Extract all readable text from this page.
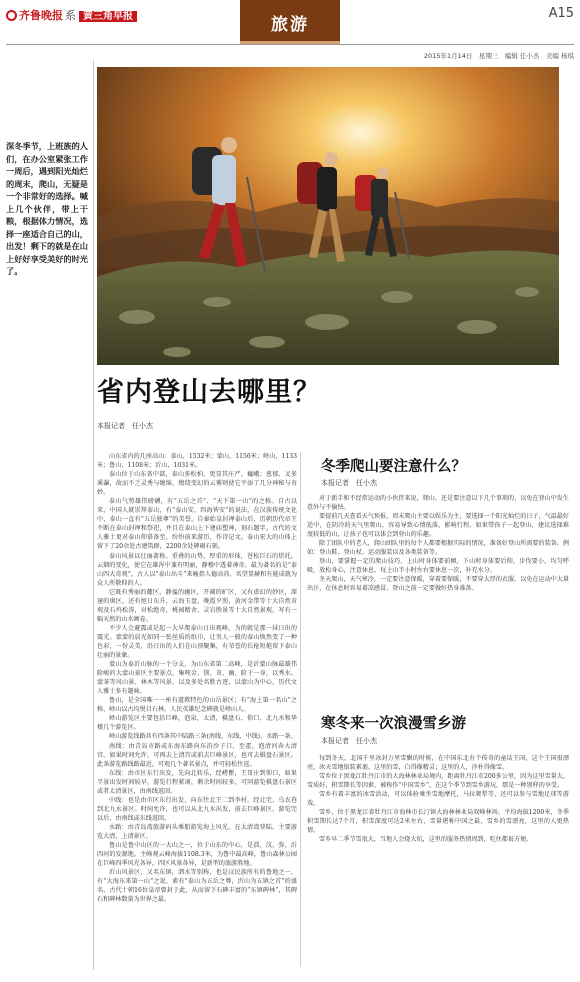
齐鲁晚报 系 黄三角早报	旅游
A15
2015年1月14日　星期三　编辑 任小杰　美编 杨琪
深冬季节，上班族的人们，在办公室紧张工作一周后，遇到阳光灿烂的周末，爬山，无疑是一个非常好的选择。喊上几个伙伴，带上干粮，根据体力情况，选择一座适合自己的山，出发！剩下的就是在山上好好享受美好的时光了。
省内登山去哪里？
本报记者　任小杰

山东省内的几座高山：泰山，1532米；蒙山，1156米；峄山，1133米；鲁山，1108米；沂山，1031米。

泰山位于山东省中部，泰山多松柏，更显其庄严、巍峨；葱郁、叉多溪瀑，故而不乏灵秀与缠绵，缭绕变幻的云雾则使它平添了几分神秘与奇妙。

泰山气势雄伟磅礴，有“五岳之首”、“天下第一山”的之称。自古以来，中国人就崇拜泰山，有“泰山安，四海皆安”的说法，在汉族传统文化中，泰山一直有“五岳独尊”的美誉。自秦始皇封禅泰山后，历朝历代帝王不断在泰山封禅和祭祀，并且在泰山上下建庙塑神，刻石题字。古代的文人雅士更对泰山仰慕备至，纷纷前来游历，作诗记文。泰山宏大的山体上留下了20余处古建筑群，2200余处碑碣石刻。

泰山风景以壮丽著称。重叠的山势，厚重的形体，苍松巨石的烘托，云烟的变化，使它在雄浑中兼有明丽，静穆中透着神奇。最为著名的是“泰山四大奇观”，古人以“泰山出斗”来喻指人德高尚、名望显赫和有能成就为众人所敬仰的人。

它既有秀丽的麓区，静谧的幽区，开阔的旷区，又有虚幻的妙区，深邃的奥区，还有旭日东升，云海玉盘，晚霞夕照，黄河金带等十大自然奇观及石坞松涛，对松绝奇，桃园精舍，灵岩胜景等十大自然景观，写有一幅天然的山水画卷。

不少人会避震或是起一大早爬泰山日出观峰，为的就是那一抹日出的震光。蒙蒙的晨光如同一张丝质的纸巾，让男人一般的泰山焕然变了一种色彩，一份灵美，沿日出的人们在山顶聚集，有荣誉的长枪短炮留下泰山壮丽的景象。

蒙山为泰沂山脉的一个分支，为山东省第二高峰，是沂蒙山脉最雄伟险峻的大蒙山景区主要景点，集吨金、锁、奇、幽、险于一身，以秀水、蒙茶等风山景、林木等风景，以及多处名胜古迹、以蒙山为中心，历代文人雅士多有题咏。

鲁山，是全国唯一一座有道教特色的山岳景区；有“海上第一名山”之称，峄山以古均悦目石林，人民英雄纪念碑就是峄山人。

峄山游览区主要包括巨峰，泡泉，太清，棋盘石、仰口、北九水和华楼几个游览区。

峄山游览线路共有四条其中陆路三条(南线、东线、中线)、水路一条。

南线：由青岛市路或东海东路向东沿沙子口，至霍，泡清河奔大清宫。如果时间允许，可再去上清宫或前去巨峰景区，也可去棋盘石景区。此条游览路线路最近，可观几个著名景点，并可轻松往返。

东线：由市区东行出发，先向北转乐，经崂瞿，王哥庄到仰口，如果半景出发时间较早，游览行程紧凑，剩余时间较多，可同游览棋盘石景区或者太清景区，由南线返回。

中线：也是由市区东行出发，向东往北王二到李村，经北宅、乌衣巷到北九水景区。时间允许，也可以从北九水出发，前去巨峰景区，游览完以后，由南线或东线返回。

水路：由青岛湾旅游码头乘船游览海上风光，在太清湾登陆，主要游览大清、上清景区。

鲁山是鲁中山区的一大山之一，位于山东的中心，是淄、汶、弥、沂四河的发源地。主峰观云峰海拔1108.3米，为鲁中最高峰，鲁山森林公园在巨峰四季风光各异，四区风景各异，是新型的旅游胜地。

沂山风景区，又名东镇，泗水等别称，也是汉民族所有的鲁地之一，有“大海东来第一山”之说，素有“泰山为五岳之尊，沂山为五镇之首”的盛名，古代十朝16位皇帝曾封于此，从而留下石碑丰富的“东镇碑林”，其碑石和碑林数量为世界之最。

冬季爬山要注意什么？
本报记者　任小杰

对于新手和不经常运动的小伙伴来说，爬山，还是要注意以下几个事项的，以免在登山中发生意外与不愉快。

要提前几天查看天气预报，周末爬山主要以娱乐为主，要选择一个阳光灿烂的日子，气温最好适中，在阴冷的天气里爬山，容易导致心情低落，影响行程。如果带孩子一起登山，建议选择难度较低的山，让孩子也可以体会到登山的乐趣。

除了团队中的老人，爬山团队里的每个人都要根据实际的情况，准备好登山所需要的装备。例如：登山鞋、登山杖、运动服装以及各类装备等。

登山，要掌握一定的爬山技巧，上山时身体要前倾，下山时身体要后仰，步伐要小，均匀呼吸，放松身心，注意休息，每上山半小时左右要休息一次，补充水分。

冬天爬山，天气寒冷，一定要注意保暖，穿着要保暖，不要穿太厚的衣服，以免在运动中大量出汗，在休息时容易着凉感冒。登山之前一定要做好热身准备。

寒冬来一次浪漫雪乡游
本报记者　任小杰

每到冬天，北国千里冰封万里雪飘的时候，在中国东北有个传奇的童话王国，这个王国很漂亮，冰天雪地银装素裹。这里的雪，白得像精灵；这里的人，淳朴得像雪。

雪乡位于黑龙江牡丹江市的大海林林业局境内，距离牡丹江市200多公里，因为这里雪量大，雪质好，积雪期长等因素，被称作“中国雪乡”，在这个季节到雪乡游玩，那是一种别样的享受。

雪乡有着丰富的冰雪活动，可以体验乘坐雪地摩托，马拉爬犁等，还可以参与雪地足球等游戏。

雪乡，位于黑龙江省牡丹江市海林市长汀镇大海林林业局双峰林场，平均海拔1200米，冬季积雪期长达7个月，积雪深度可达2米左右，雪量堪称中国之最，雪乡的雪漂亮，这里的人更热情。

雪乡早二季节雪很大，当地人会烧大炕，这里的服务热情周到，吃住都很方便。
